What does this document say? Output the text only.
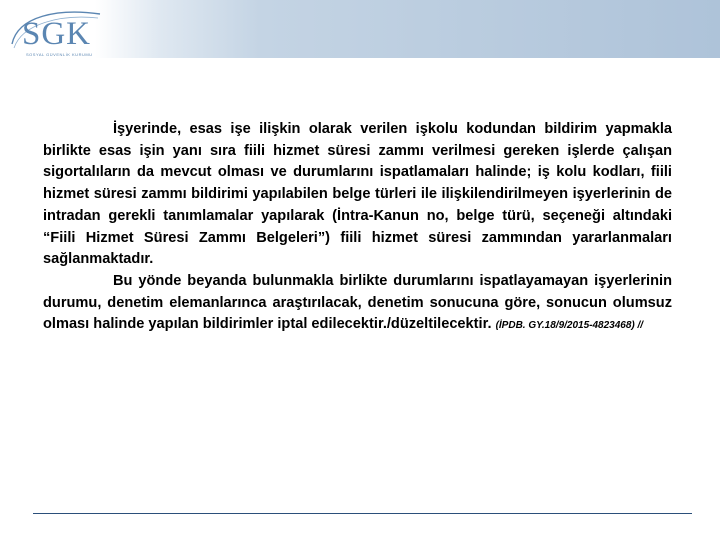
SGK
SOSYAL GÜVENLİK KURUMU

İşyerinde, esas işe ilişkin olarak verilen işkolu kodundan bildirim yapmakla birlikte esas işin yanı sıra fiili hizmet süresi zammı verilmesi gereken işlerde çalışan sigortalıların da mevcut olması ve durumlarını ispatlamaları halinde; iş kolu kodları, fiili hizmet süresi zammı bildirimi yapılabilen belge türleri ile ilişkilendirilmeyen işyerlerinin de intradan gerekli tanımlamalar yapılarak (İntra-Kanun no, belge türü, seçeneği altındaki “Fiili Hizmet Süresi Zammı Belgeleri”) fiili hizmet süresi zammından yararlanmaları sağlanmaktadır.

Bu yönde beyanda bulunmakla birlikte durumlarını ispatlayamayan işyerlerinin durumu, denetim elemanlarınca araştırılacak, denetim sonucuna göre, sonucun olumsuz olması halinde yapılan bildirimler iptal edilecektir./düzeltilecektir. (İPDB. GY.18/9/2015-4823468) //
